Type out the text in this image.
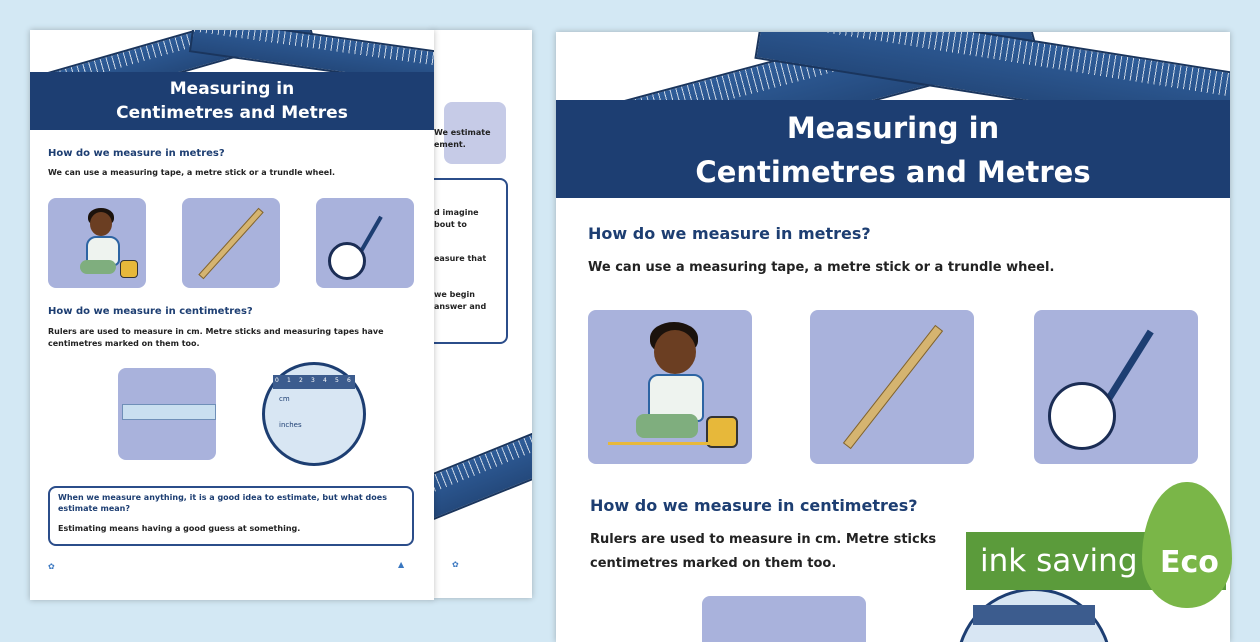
We estimate
ement.
d imagine
bout to
easure that
we begin
answer and
✿
Measuring in
Centimetres and Metres
How do we measure in metres?
We can use a measuring tape, a metre stick or a trundle wheel.
How do we measure in centimetres?
Rulers are used to measure in cm. Metre sticks and measuring tapes have centimetres marked on them too.
cm
inches
0 1 2 3 4 5 6
When we measure anything, it is a good idea to estimate, but what does estimate mean?
Estimating means having a good guess at something.
✿	▲
Measuring in
Centimetres and Metres
How do we measure in metres?
We can use a measuring tape, a metre stick or a trundle wheel.
How do we measure in centimetres?
Rulers are used to measure in cm. Metre sticks
centimetres marked on them too.	ink saving Eco
